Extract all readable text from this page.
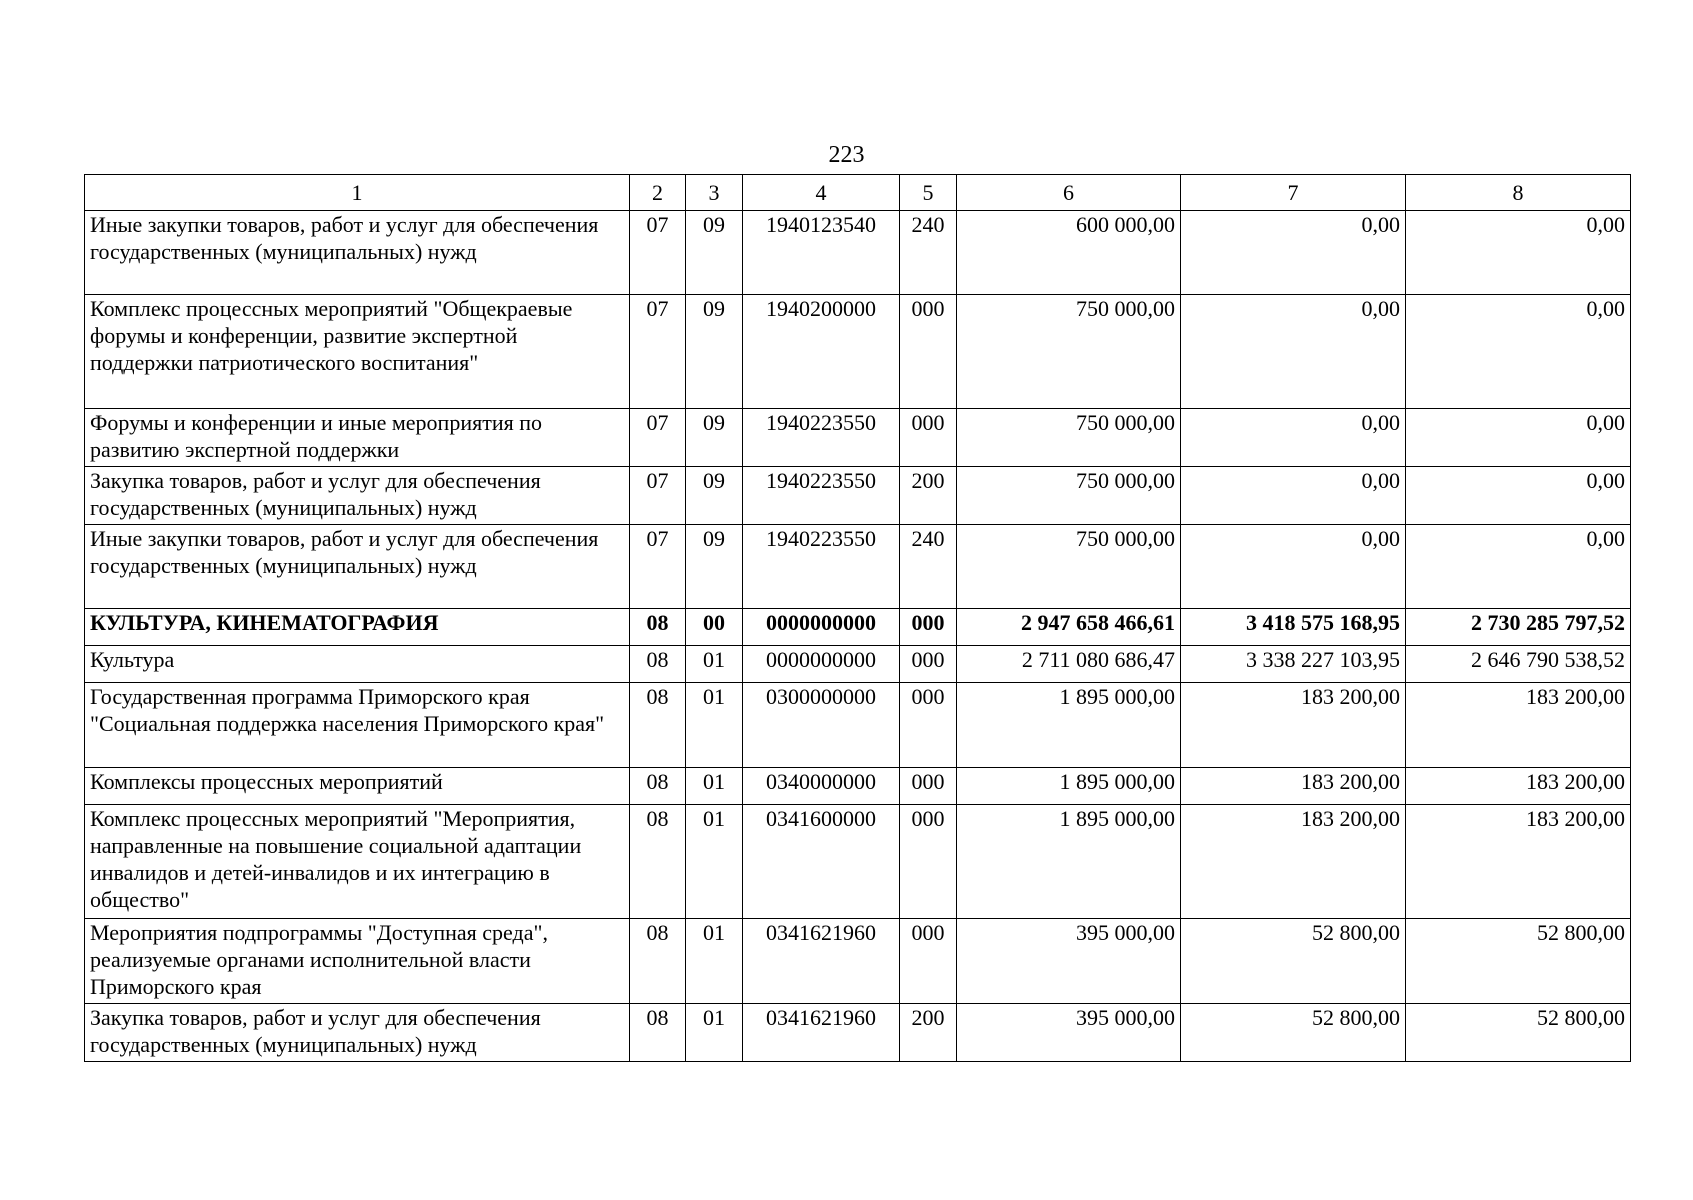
223
1	2	3	4	5	6	7	8
Иные закупки товаров, работ и услуг для обеспечения государственных (муниципальных) нужд	07	09	1940123540	240	600 000,00	0,00	0,00
Комплекс процессных мероприятий "Общекраевые форумы и конференции, развитие экспертной поддержки патриотического воспитания"	07	09	1940200000	000	750 000,00	0,00	0,00
Форумы и конференции и иные мероприятия по развитию экспертной поддержки	07	09	1940223550	000	750 000,00	0,00	0,00
Закупка товаров, работ и услуг для обеспечения государственных (муниципальных) нужд	07	09	1940223550	200	750 000,00	0,00	0,00
Иные закупки товаров, работ и услуг для обеспечения государственных (муниципальных) нужд	07	09	1940223550	240	750 000,00	0,00	0,00
КУЛЬТУРА, КИНЕМАТОГРАФИЯ	08	00	0000000000	000	2 947 658 466,61	3 418 575 168,95	2 730 285 797,52
Культура	08	01	0000000000	000	2 711 080 686,47	3 338 227 103,95	2 646 790 538,52
Государственная программа Приморского края "Социальная поддержка населения Приморского края"	08	01	0300000000	000	1 895 000,00	183 200,00	183 200,00
Комплексы процессных мероприятий	08	01	0340000000	000	1 895 000,00	183 200,00	183 200,00
Комплекс процессных мероприятий "Мероприятия, направленные на повышение социальной адаптации инвалидов и детей-инвалидов и их интеграцию в общество"	08	01	0341600000	000	1 895 000,00	183 200,00	183 200,00
Мероприятия подпрограммы "Доступная среда", реализуемые органами исполнительной власти Приморского края	08	01	0341621960	000	395 000,00	52 800,00	52 800,00
Закупка товаров, работ и услуг для обеспечения государственных (муниципальных) нужд	08	01	0341621960	200	395 000,00	52 800,00	52 800,00
